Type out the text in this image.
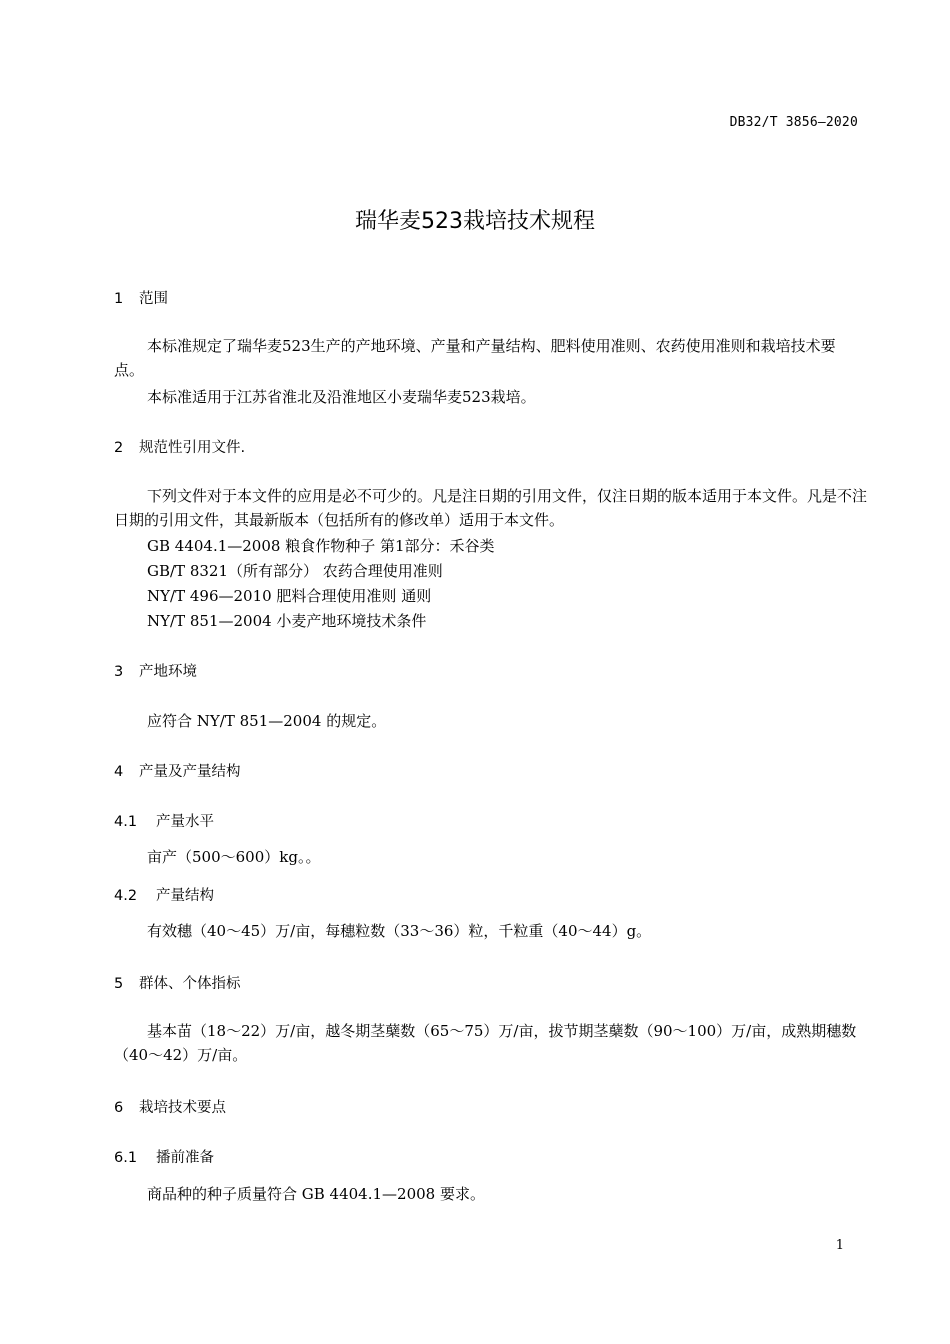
DB32/T 3856—2020
瑞华麦523栽培技术规程
1 范围
本标准规定了瑞华麦523生产的产地环境、产量和产量结构、肥料使用准则、农药使用准则和栽培技术要点。
本标准适用于江苏省淮北及沿淮地区小麦瑞华麦523栽培。
2 规范性引用文件.
下列文件对于本文件的应用是必不可少的。凡是注日期的引用文件，仅注日期的版本适用于本文件。凡是不注日期的引用文件，其最新版本（包括所有的修改单）适用于本文件。
GB 4404.1—2008 粮食作物种子 第1部分：禾谷类
GB/T 8321（所有部分） 农药合理使用准则
NY/T 496—2010 肥料合理使用准则 通则
NY/T 851—2004 小麦产地环境技术条件
3 产地环境
应符合 NY/T 851—2004 的规定。
4 产量及产量结构
4.1 产量水平
亩产（500～600）kg。。
4.2 产量结构
有效穗（40～45）万/亩，每穗粒数（33～36）粒，千粒重（40～44）g。
5 群体、个体指标
基本苗（18～22）万/亩，越冬期茎蘖数（65～75）万/亩，拔节期茎蘖数（90～100）万/亩，成熟期穗数（40～42）万/亩。
6 栽培技术要点
6.1 播前准备
商品种的种子质量符合 GB 4404.1—2008 要求。
1
